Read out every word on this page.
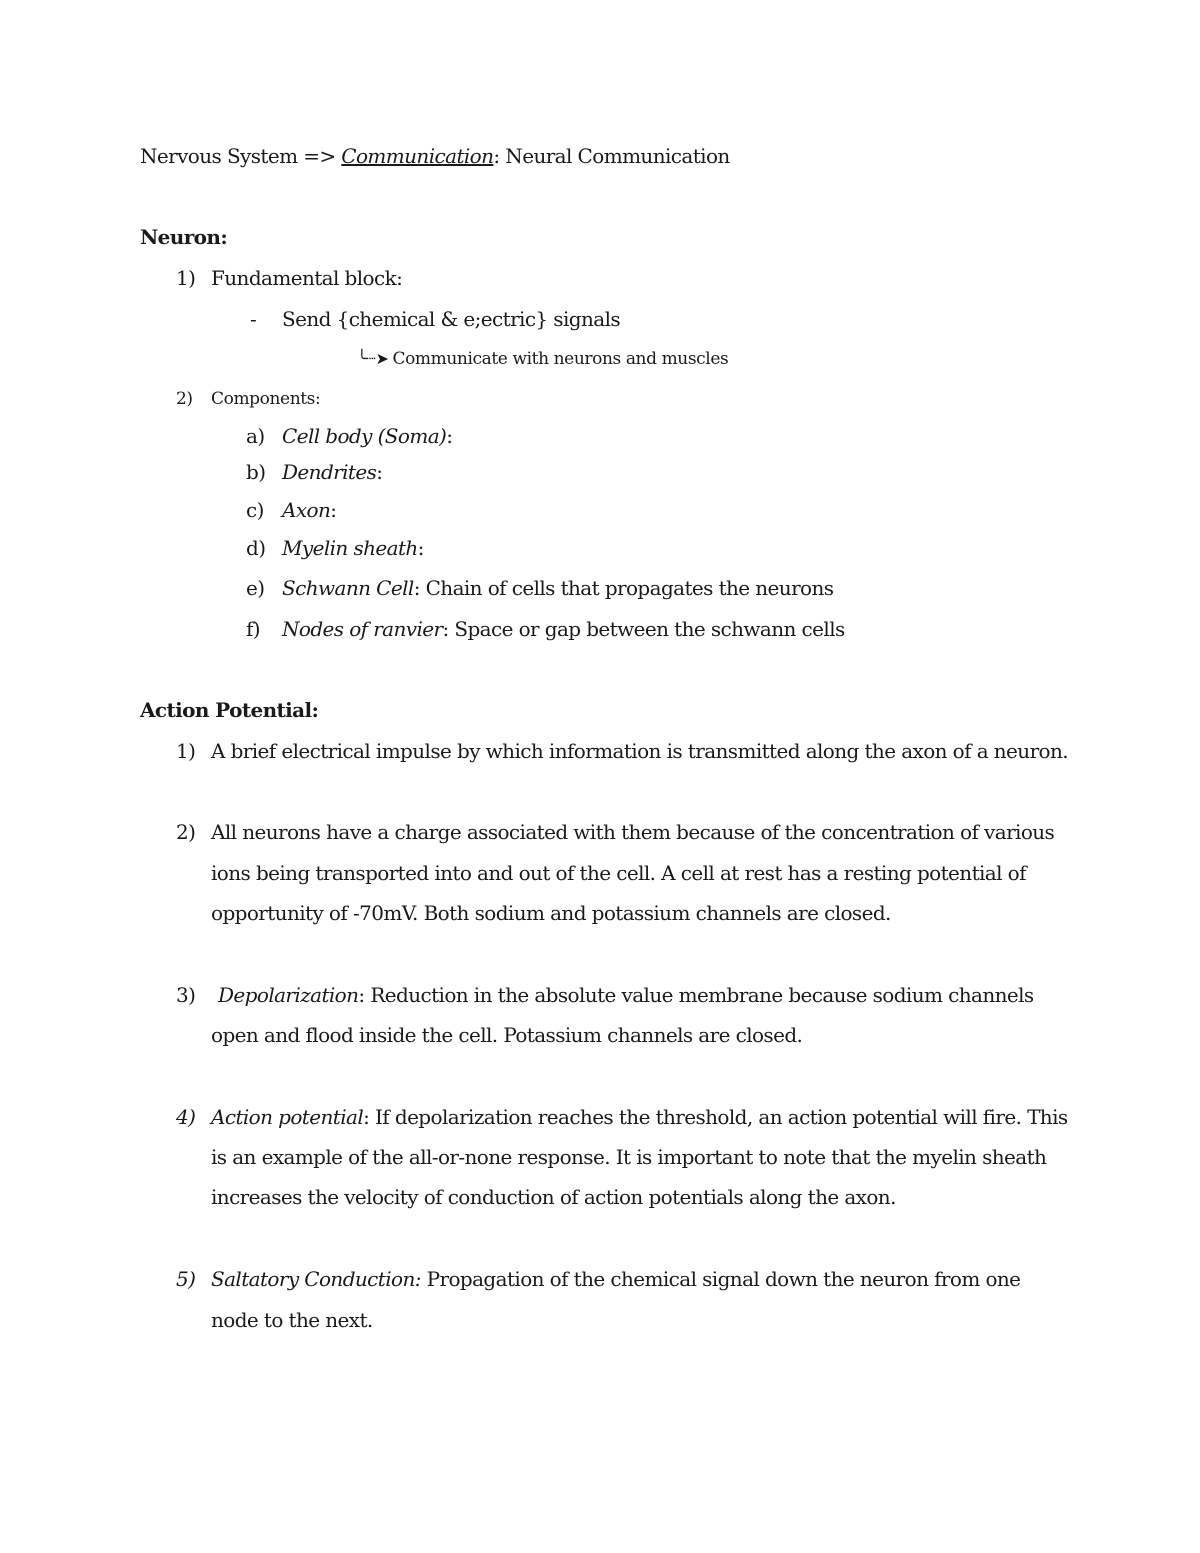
Nervous System => Communication: Neural Communication
Neuron:
1) Fundamental block:
- Send {chemical & e;ectric} signals
╰┈➤ Communicate with neurons and muscles
2) Components:
a) Cell body (Soma):
b) Dendrites:
c) Axon:
d) Myelin sheath:
e) Schwann Cell: Chain of cells that propagates the neurons
f) Nodes of ranvier: Space or gap between the schwann cells
Action Potential:
1) A brief electrical impulse by which information is transmitted along the axon of a neuron.
2) All neurons have a charge associated with them because of the concentration of various
ions being transported into and out of the cell. A cell at rest has a resting potential of
opportunity of -70mV. Both sodium and potassium channels are closed.
3) Depolarization: Reduction in the absolute value membrane because sodium channels
open and flood inside the cell. Potassium channels are closed.
4) Action potential: If depolarization reaches the threshold, an action potential will fire. This
is an example of the all-or-none response. It is important to note that the myelin sheath
increases the velocity of conduction of action potentials along the axon.
5) Saltatory Conduction: Propagation of the chemical signal down the neuron from one
node to the next.
